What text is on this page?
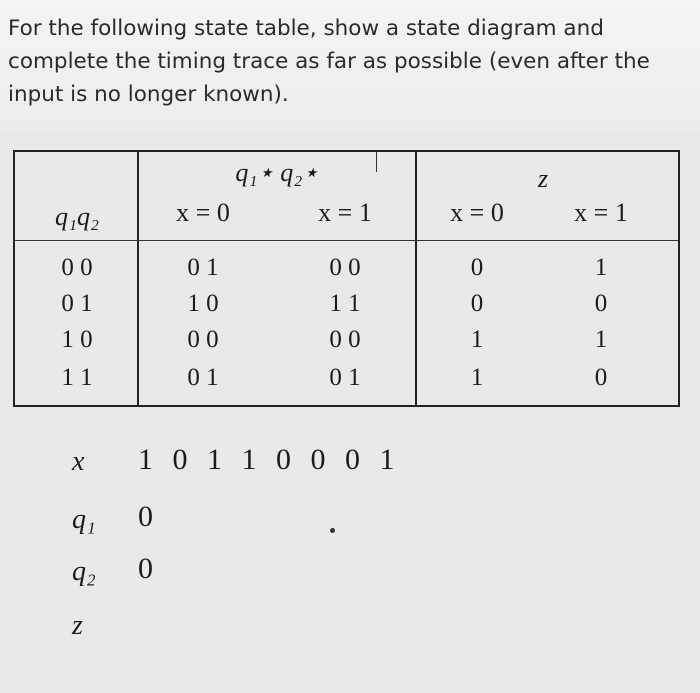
For the following state table, show a state diagram and complete the timing trace as far as possible (even after the input is no longer known).
q₁⋆ q₂⋆	z
q₁q₂	x = 0	x = 1	x = 0	x = 1
0 0	0 1	0 0	0	1
0 1	1 0	1 1	0	0
1 0	0 0	0 0	1	1
1 1	0 1	0 1	1	0
x 1 0 1 1 0 0 0 1
q₁ 0
q₂ 0
z
